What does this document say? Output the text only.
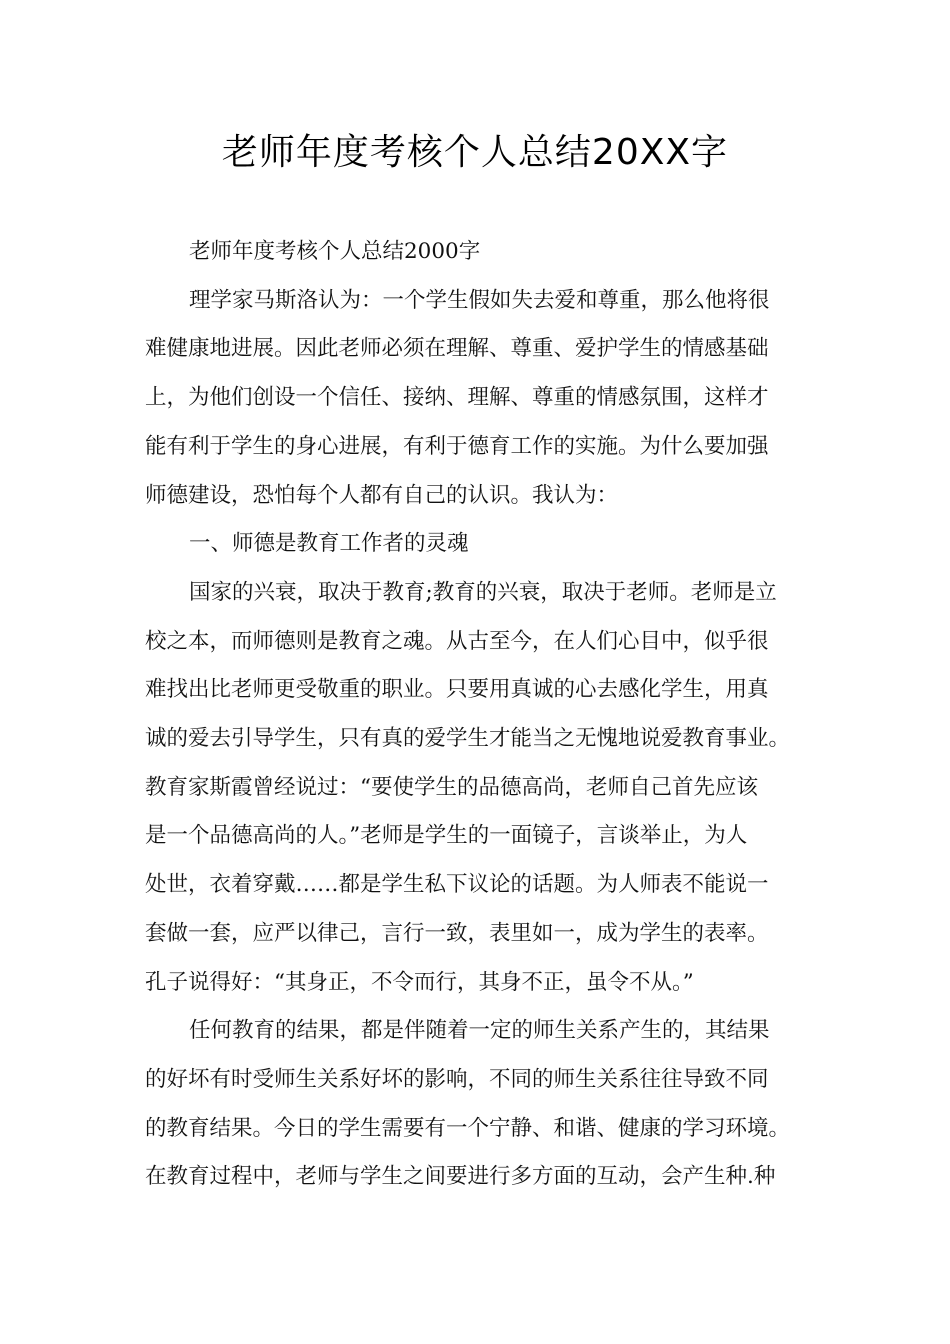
老师年度考核个人总结20XX字
老师年度考核个人总结2000字
理学家马斯洛认为：一个学生假如失去爱和尊重，那么他将很
难健康地进展。因此老师必须在理解、尊重、爱护学生的情感基础
上，为他们创设一个信任、接纳、理解、尊重的情感氛围，这样才
能有利于学生的身心进展，有利于德育工作的实施。为什么要加强
师德建设，恐怕每个人都有自己的认识。我认为：
一、师德是教育工作者的灵魂
国家的兴衰，取决于教育;教育的兴衰，取决于老师。老师是立
校之本，而师德则是教育之魂。从古至今，在人们心目中，似乎很
难找出比老师更受敬重的职业。只要用真诚的心去感化学生，用真
诚的爱去引导学生，只有真的爱学生才能当之无愧地说爱教育事业。
教育家斯霞曾经说过：“要使学生的品德高尚，老师自己首先应该
是一个品德高尚的人。”老师是学生的一面镜子，言谈举止，为人
处世，衣着穿戴……都是学生私下议论的话题。为人师表不能说一
套做一套，应严以律己，言行一致，表里如一，成为学生的表率。
孔子说得好：“其身正，不令而行，其身不正，虽令不从。”
任何教育的结果，都是伴随着一定的师生关系产生的，其结果
的好坏有时受师生关系好坏的影响，不同的师生关系往往导致不同
的教育结果。今日的学生需要有一个宁静、和谐、健康的学习环境。
在教育过程中，老师与学生之间要进行多方面的互动，会产生种.种
